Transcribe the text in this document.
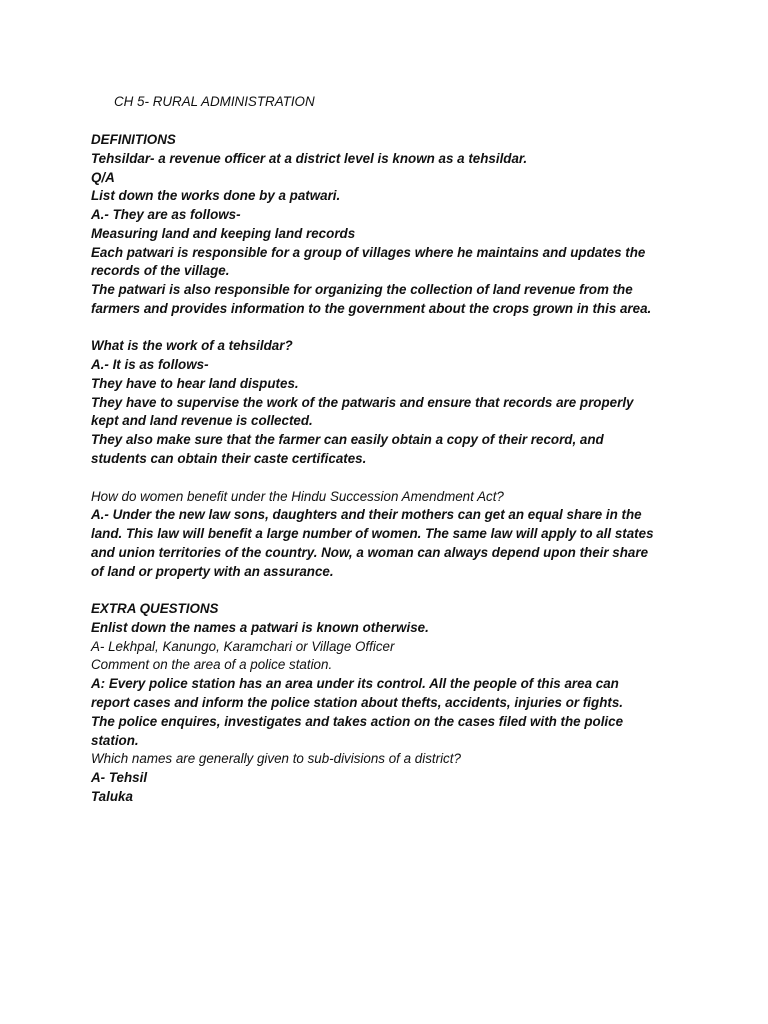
CH 5- RURAL ADMINISTRATION
DEFINITIONS
Tehsildar- a revenue officer at a district level is known as a tehsildar.
Q/A
List down the works done by a patwari.
A.- They are as follows-
Measuring land and keeping land records
Each patwari is responsible for a group of villages where he maintains and updates the
records of the village.
The patwari is also responsible for organizing the collection of land revenue from the
farmers and provides information to the government about the crops grown in this area.
What is the work of a tehsildar?
A.- It is as follows-
They have to hear land disputes.
They have to supervise the work of the patwaris and ensure that records are properly
kept and land revenue is collected.
They also make sure that the farmer can easily obtain a copy of their record, and
students can obtain their caste certificates.
How do women benefit under the Hindu Succession Amendment Act?
A.- Under the new law sons, daughters and their mothers can get an equal share in the
land. This law will benefit a large number of women. The same law will apply to all states
and union territories of the country. Now, a woman can always depend upon their share
of land or property with an assurance.
EXTRA QUESTIONS
Enlist down the names a patwari is known otherwise.
A- Lekhpal, Kanungo, Karamchari or Village Officer
Comment on the area of a police station.
A: Every police station has an area under its control. All the people of this area can
report cases and inform the police station about thefts, accidents, injuries or fights.
The police enquires, investigates and takes action on the cases filed with the police
station.
Which names are generally given to sub-divisions of a district?
A- Tehsil
Taluka
